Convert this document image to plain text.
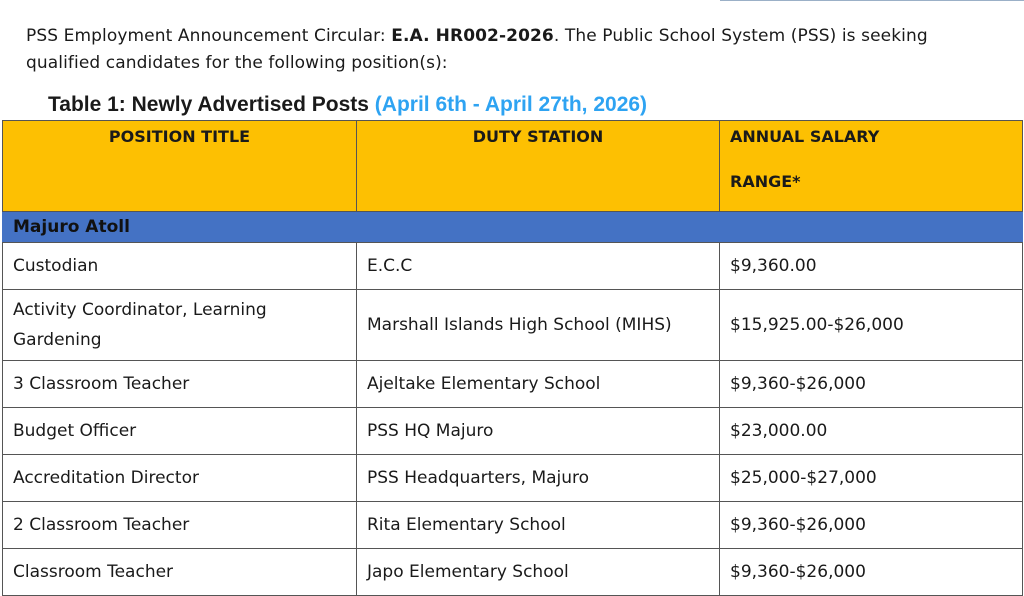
PSS Employment Announcement Circular: E.A. HR002-2026. The Public School System (PSS) is seeking qualified candidates for the following position(s):

Table 1: Newly Advertised Posts (April 6th - April 27th, 2026)
POSITION TITLE	DUTY STATION	ANNUAL SALARY
RANGE*

Majuro Atoll		
Custodian	E.C.C	$9,360.00
Activity Coordinator, Learning Gardening	Marshall Islands High School (MIHS)	$15,925.00-$26,000
3 Classroom Teacher	Ajeltake Elementary School	$9,360-$26,000
Budget Officer	PSS HQ Majuro	$23,000.00
Accreditation Director	PSS Headquarters, Majuro	$25,000-$27,000
2 Classroom Teacher	Rita Elementary School	$9,360-$26,000
Classroom Teacher	Japo Elementary School	$9,360-$26,000
